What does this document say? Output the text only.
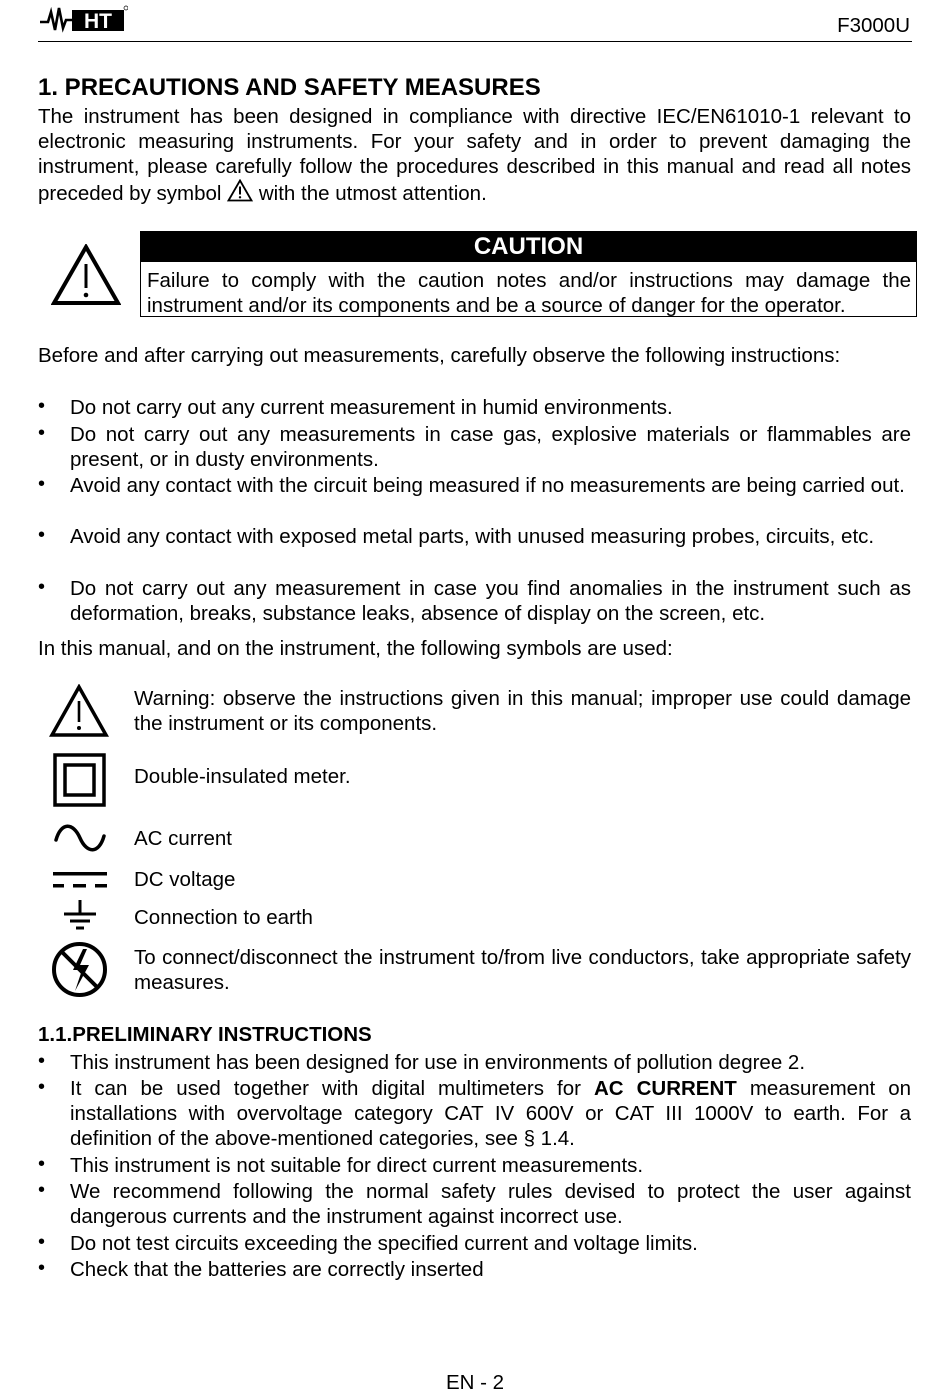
HT	F3000U
1. PRECAUTIONS AND SAFETY MEASURES
The instrument has been designed in compliance with directive IEC/EN61010-1 relevant to electronic measuring instruments. For your safety and in order to prevent damaging the instrument, please carefully follow the procedures described in this manual and read all notes preceded by symbol with the utmost attention.
CAUTION
Failure to comply with the caution notes and/or instructions may damage the instrument and/or its components and be a source of danger for the operator.
Before and after carrying out measurements, carefully observe the following instructions:
• Do not carry out any current measurement in humid environments.
• Do not carry out any measurements in case gas, explosive materials or flammables are present, or in dusty environments.
• Avoid any contact with the circuit being measured if no measurements are being carried out.
• Avoid any contact with exposed metal parts, with unused measuring probes, circuits, etc.
• Do not carry out any measurement in case you find anomalies in the instrument such as deformation, breaks, substance leaks, absence of display on the screen, etc.
In this manual, and on the instrument, the following symbols are used:
Warning: observe the instructions given in this manual; improper use could damage the instrument or its components.
Double-insulated meter.
AC current
DC voltage
Connection to earth
To connect/disconnect the instrument to/from live conductors, take appropriate safety measures.
1.1.PRELIMINARY INSTRUCTIONS
• This instrument has been designed for use in environments of pollution degree 2.
• It can be used together with digital multimeters for AC CURRENT measurement on installations with overvoltage category CAT IV 600V or CAT III 1000V to earth. For a definition of the above-mentioned categories, see § 1.4.
• This instrument is not suitable for direct current measurements.
• We recommend following the normal safety rules devised to protect the user against dangerous currents and the instrument against incorrect use.
• Do not test circuits exceeding the specified current and voltage limits.
• Check that the batteries are correctly inserted
EN - 2
